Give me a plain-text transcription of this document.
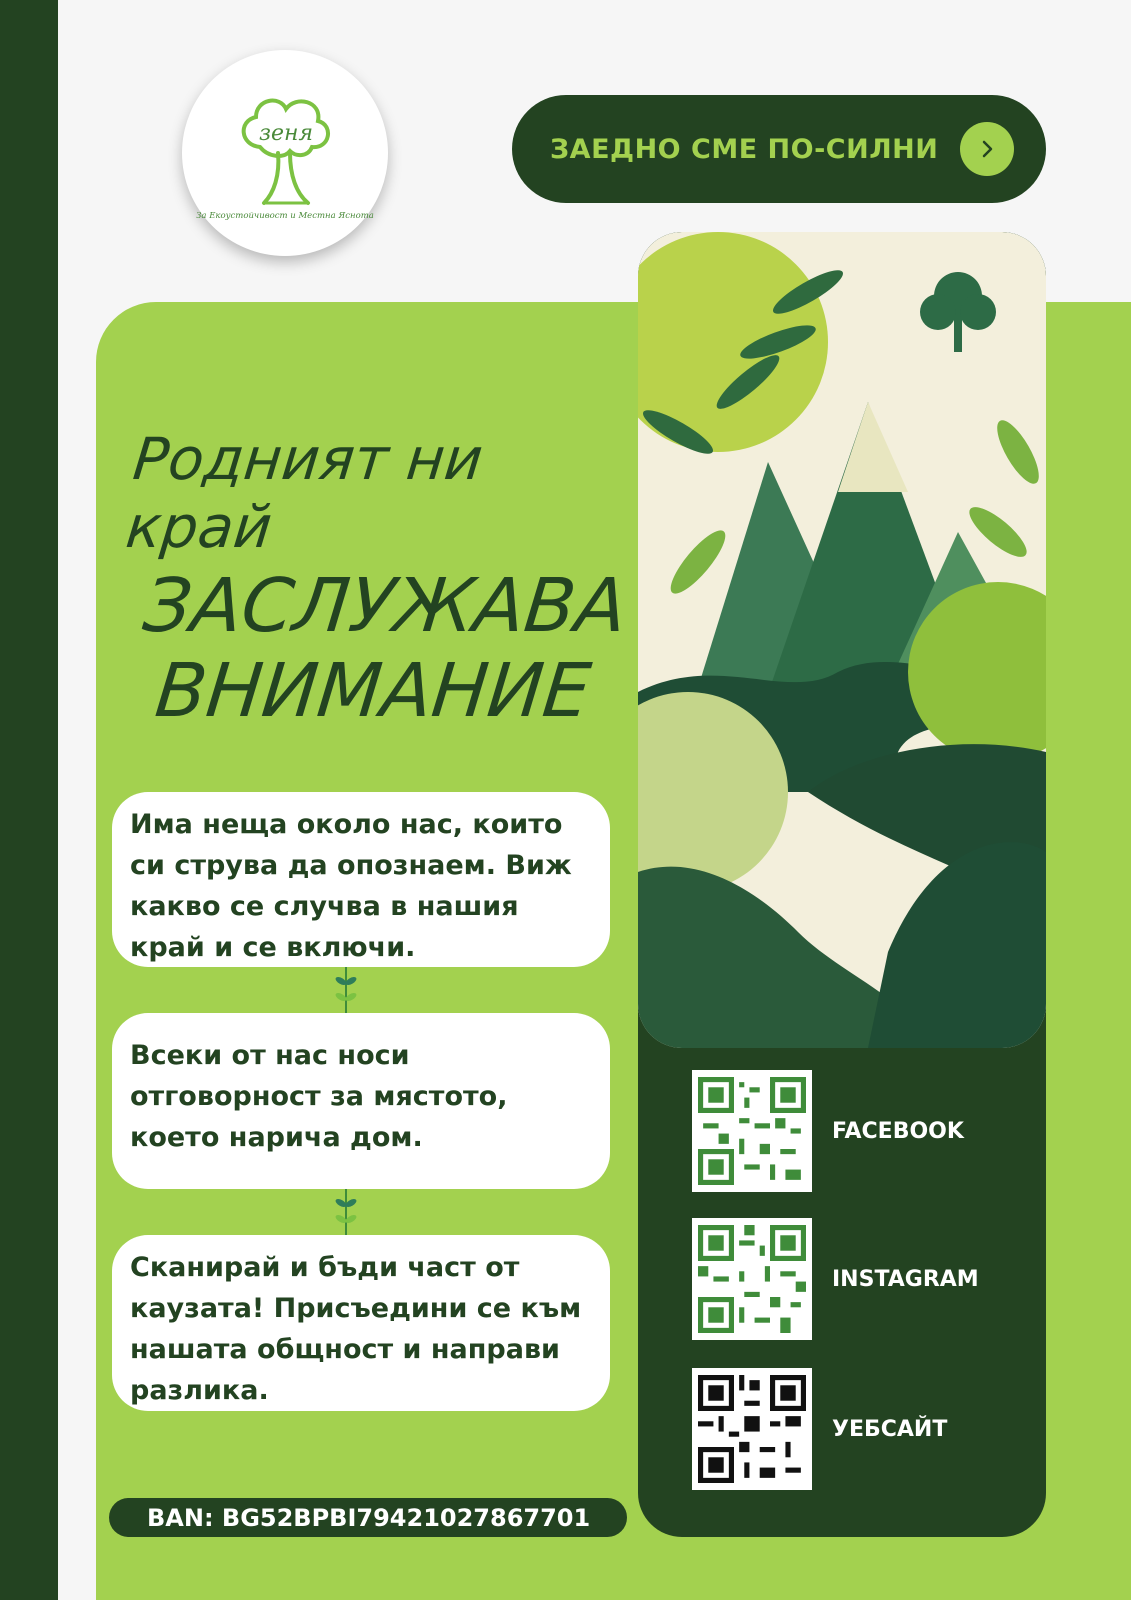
зеня
За Екоустойчивост и Местна Яснота
ЗАЕДНО СМЕ ПО-СИЛНИ
Родният ни край
ЗАСЛУЖАВА
ВНИМАНИЕ
Има неща около нас, които си струва да опознаем. Виж какво се случва в нашия край и се включи.
Всеки от нас носи отговорност за мястото, което нарича дом.
Сканирай и бъди част от каузата! Присъедини се към нашата общност и направи разлика.
BAN: BG52BPBI79421027867701
FACEBOOK
INSTAGRAM
УЕБСАЙТ
